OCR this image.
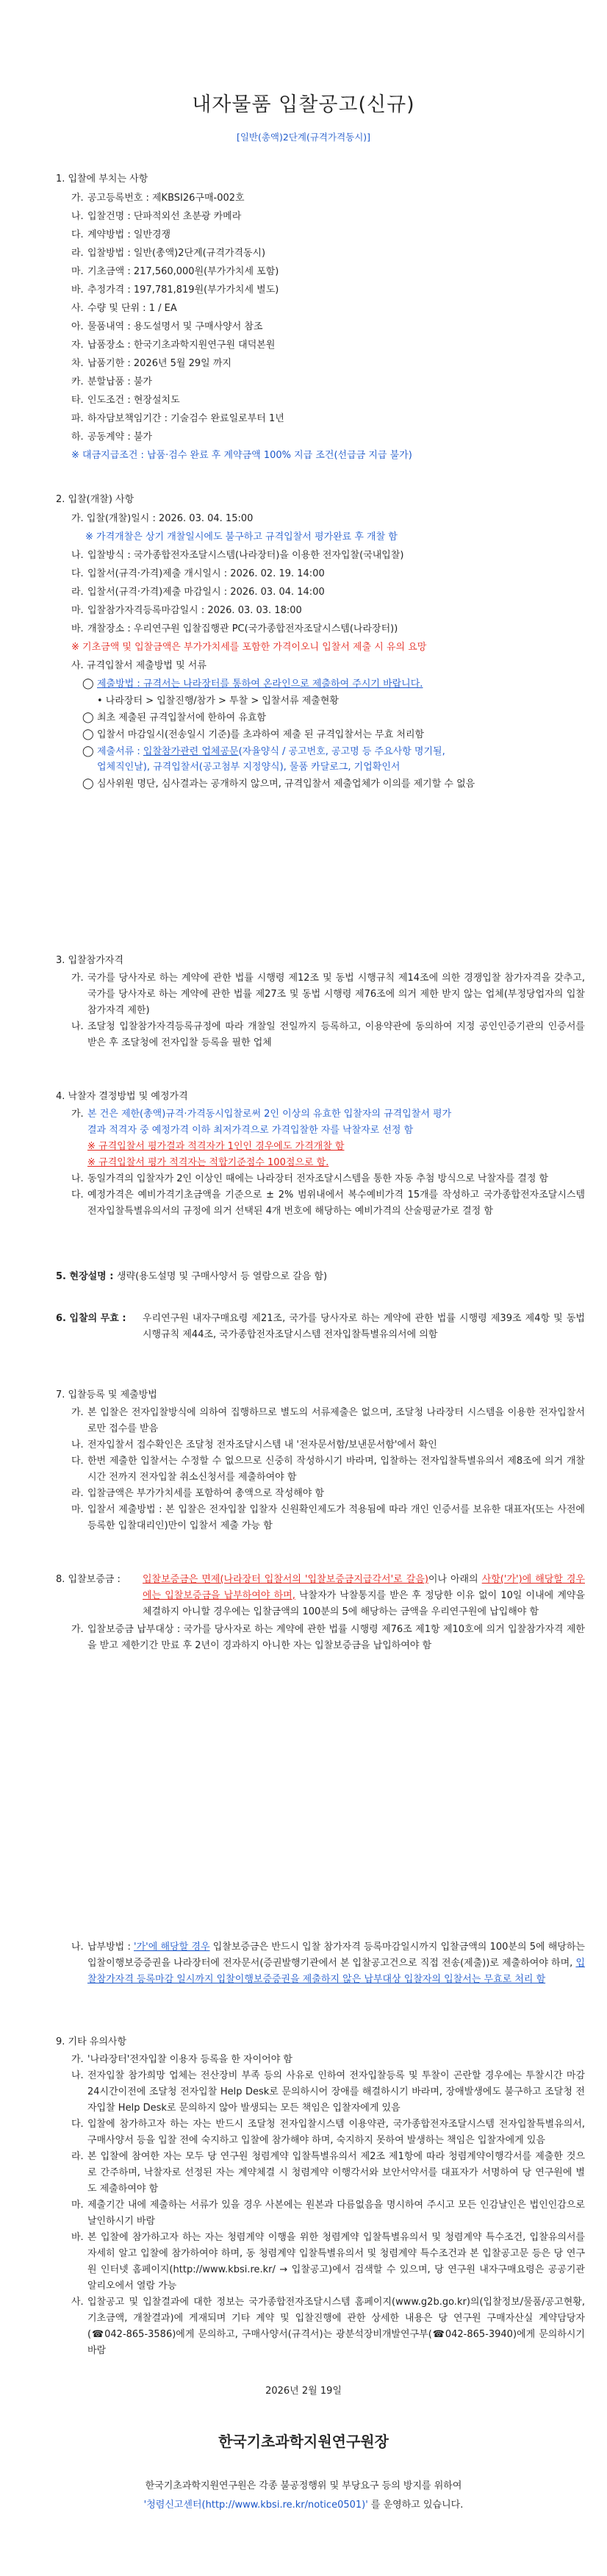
내자물품 입찰공고(신규)
[일반(총액)2단계(규격가격동시)]
1. 입찰에 부치는 사항
가. 공고등록번호 : 제KBSI26구매-002호
나. 입찰건명 : 단파적외선 초분광 카메라
다. 계약방법 : 일반경쟁
라. 입찰방법 : 일반(총액)2단계(규격가격동시)
마. 기초금액 : 217,560,000원(부가가치세 포함)
바. 추정가격 : 197,781,819원(부가가치세 별도)
사. 수량 및 단위 : 1 / EA
아. 물품내역 : 용도설명서 및 구매사양서 참조
자. 납품장소 : 한국기초과학지원연구원 대덕본원
차. 납품기한 : 2026년 5월 29일 까지
카. 분할납품 : 불가
타. 인도조건 : 현장설치도
파. 하자담보책임기간 : 기술검수 완료일로부터 1년
하. 공동계약 : 불가
※ 대금지급조건 : 납품·검수 완료 후 계약금액 100% 지급 조건(선급금 지급 불가)
2. 입찰(개찰) 사항
가. 입찰(개찰)일시 : 2026. 03. 04. 15:00
※ 가격개찰은 상기 개찰일시에도 불구하고 규격입찰서 평가완료 후 개찰 함
나. 입찰방식 : 국가종합전자조달시스템(나라장터)을 이용한 전자입찰(국내입찰)
다. 입찰서(규격·가격)제출 개시일시 : 2026. 02. 19. 14:00
라. 입찰서(규격·가격)제출 마감일시 : 2026. 03. 04. 14:00
마. 입찰참가자격등록마감일시 : 2026. 03. 03. 18:00
바. 개찰장소 : 우리연구원 입찰집행관 PC(국가종합전자조달시스템(나라장터))
※ 기초금액 및 입찰금액은 부가가치세를 포함한 가격이오니 입찰서 제출 시 유의 요망
사. 규격입찰서 제출방법 및 서류
◯ 제출방법 : 규격서는 나라장터를 통하여 온라인으로 제출하여 주시기 바랍니다.
• 나라장터 > 입찰진행/참가 > 투찰 > 입찰서류 제출현황
◯ 최초 제출된 규격입찰서에 한하여 유효함
◯ 입찰서 마감일시(전송일시 기준)를 초과하여 제출 된 규격입찰서는 무효 처리함
◯ 제출서류 : 입찰참가관련 업체공문(자율양식 / 공고번호, 공고명 등 주요사항 명기될,
업체직인날), 규격입찰서(공고첨부 지정양식), 물품 카달로그, 기업확인서
◯ 심사위원 명단, 심사결과는 공개하지 않으며, 규격입찰서 제출업체가 이의를 제기할 수 없음
3. 입찰참가자격
가. 국가를 당사자로 하는 계약에 관한 법률 시행령 제12조 및 동법 시행규칙 제14조에 의한 경쟁입찰 참가자격을 갖추고, 국가를 당사자로 하는 계약에 관한 법률 제27조 및 동법 시행령 제76조에 의거 제한 받지 않는 업체(부정당업자의 입찰참가자격 제한)
나. 조달청 입찰참가자격등록규정에 따라 개찰일 전일까지 등록하고, 이용약관에 동의하여 지정 공인인증기관의 인증서를 받은 후 조달청에 전자입찰 등록을 필한 업체
4. 낙찰자 결정방법 및 예정가격
가. 본 건은 제한(총액)규격·가격동시입찰로써 2인 이상의 유효한 입찰자의 규격입찰서 평가
결과 적격자 중 예정가격 이하 최저가격으로 가격입찰한 자를 낙찰자로 선정 함
※ 규격입찰서 평가결과 적격자가 1인인 경우에도 가격개찰 함
※ 규격입찰서 평가 적격자는 적합기준점수 100점으로 함.
나. 동일가격의 입찰자가 2인 이상인 때에는 나라장터 전자조달시스템을 통한 자동 추첨 방식으로 낙찰자를 결정 함
다. 예정가격은 예비가격기초금액을 기준으로 ± 2% 범위내에서 복수예비가격 15개를 작성하고 국가종합전자조달시스템 전자입찰특별유의서의 규정에 의거 선택된 4개 번호에 해당하는 예비가격의 산술평균가로 결정 함
5. 현장설명 : 생략(용도설명 및 구매사양서 등 열람으로 갈음 함)
6. 입찰의 무효 :	우리연구원 내자구매요령 제21조, 국가를 당사자로 하는 계약에 관한 법률 시행령 제39조 제4항 및 동법 시행규칙 제44조, 국가종합전자조달시스템 전자입찰특별유의서에 의함
7. 입찰등록 및 제출방법
가. 본 입찰은 전자입찰방식에 의하여 집행하므로 별도의 서류제출은 없으며, 조달청 나라장터 시스템을 이용한 전자입찰서로만 접수를 받음
나. 전자입찰서 접수확인은 조달청 전자조달시스템 내 '전자문서함/보낸문서함'에서 확인
다. 한번 제출한 입찰서는 수정할 수 없으므로 신중히 작성하시기 바라며, 입찰하는 전자입찰특별유의서 제8조에 의거 개찰시간 전까지 전자입찰 취소신청서를 제출하여야 함
라. 입찰금액은 부가가치세를 포함하여 총액으로 작성해야 함
마. 입찰서 제출방법 : 본 입찰은 전자입찰 입찰자 신원확인제도가 적용됨에 따라 개인 인증서를 보유한 대표자(또는 사전에 등록한 입찰대리인)만이 입찰서 제출 가능 함
8. 입찰보증금 :	입찰보증금은 면제(나라장터 입찰서의 '입찰보증금지급각서'로 갈음)이나 아래의 사항('가')에 해당할 경우에는 입찰보증금을 납부하여야 하며, 낙찰자가 낙찰통지를 받은 후 정당한 이유 없이 10일 이내에 계약을 체결하지 아니할 경우에는 입찰금액의 100분의 5에 해당하는 금액을 우리연구원에 납입해야 함
가. 입찰보증금 납부대상 : 국가를 당사자로 하는 계약에 관한 법률 시행령 제76조 제1항 제10호에 의거 입찰참가자격 제한을 받고 제한기간 만료 후 2년이 경과하지 아니한 자는 입찰보증금을 납입하여야 함
나. 납부방법 : '가'에 해당할 경우 입찰보증금은 반드시 입찰 참가자격 등록마감일시까지 입찰금액의 100분의 5에 해당하는 입찰이행보증증권을 나라장터에 전자문서(증권발행기관에서 본 입찰공고건으로 직접 전송(제출))로 제출하여야 하며, 입찰참가자격 등록마감 일시까지 입찰이행보증증권을 제출하지 않은 납부대상 입찰자의 입찰서는 무효로 처리 함
9. 기타 유의사항
가. '나라장터'전자입찰 이용자 등록을 한 자이어야 함
나. 전자입찰 참가희망 업체는 전산장비 부족 등의 사유로 인하여 전자입찰등록 및 투찰이 곤란할 경우에는 투찰시간 마감 24시간이전에 조달청 전자입찰 Help Desk로 문의하시어 장애를 해결하시기 바라며, 장애발생에도 불구하고 조달청 전자입찰 Help Desk로 문의하지 않아 발생되는 모든 책임은 입찰자에게 있음
다. 입찰에 참가하고자 하는 자는 반드시 조달청 전자입찰시스템 이용약관, 국가종합전자조달시스템 전자입찰특별유의서, 구매사양서 등을 입찰 전에 숙지하고 입찰에 참가해야 하며, 숙지하지 못하여 발생하는 책임은 입찰자에게 있음
라. 본 입찰에 참여한 자는 모두 당 연구원 청렴계약 입찰특별유의서 제2조 제1항에 따라 청렴계약이행각서를 제출한 것으로 간주하며, 낙찰자로 선정된 자는 계약체결 시 청렴계약 이행각서와 보안서약서를 대표자가 서명하여 당 연구원에 별도 제출하여야 함
마. 제출기간 내에 제출하는 서류가 있을 경우 사본에는 원본과 다름없음을 명시하여 주시고 모든 인감날인은 법인인감으로 날인하시기 바람
바. 본 입찰에 참가하고자 하는 자는 청렴계약 이행을 위한 청렴계약 입찰특별유의서 및 청렴계약 특수조건, 입찰유의서를 자세히 알고 입찰에 참가하여야 하며, 동 청렴계약 입찰특별유의서 및 청렴계약 특수조건과 본 입찰공고문 등은 당 연구원 인터넷 홈페이지(http://www.kbsi.re.kr/ → 입찰공고)에서 검색할 수 있으며, 당 연구원 내자구매요령은 공공기관 알리오에서 열람 가능
사. 입찰공고 및 입찰결과에 대한 정보는 국가종합전자조달시스템 홈페이지(www.g2b.go.kr)의(입찰정보/물품/공고현황, 기초금액, 개찰결과)에 게재되며 기타 계약 및 입찰진행에 관한 상세한 내용은 당 연구원 구매자산실 계약담당자(☎042-865-3586)에게 문의하고, 구매사양서(규격서)는 광분석장비개발연구부(☎042-865-3940)에게 문의하시기 바람
2026년 2월 19일
한국기초과학지원연구원장
한국기초과학지원연구원은 각종 불공정행위 및 부당요구 등의 방지를 위하여
'청렴신고센터(http://www.kbsi.re.kr/notice0501)' 를 운영하고 있습니다.
